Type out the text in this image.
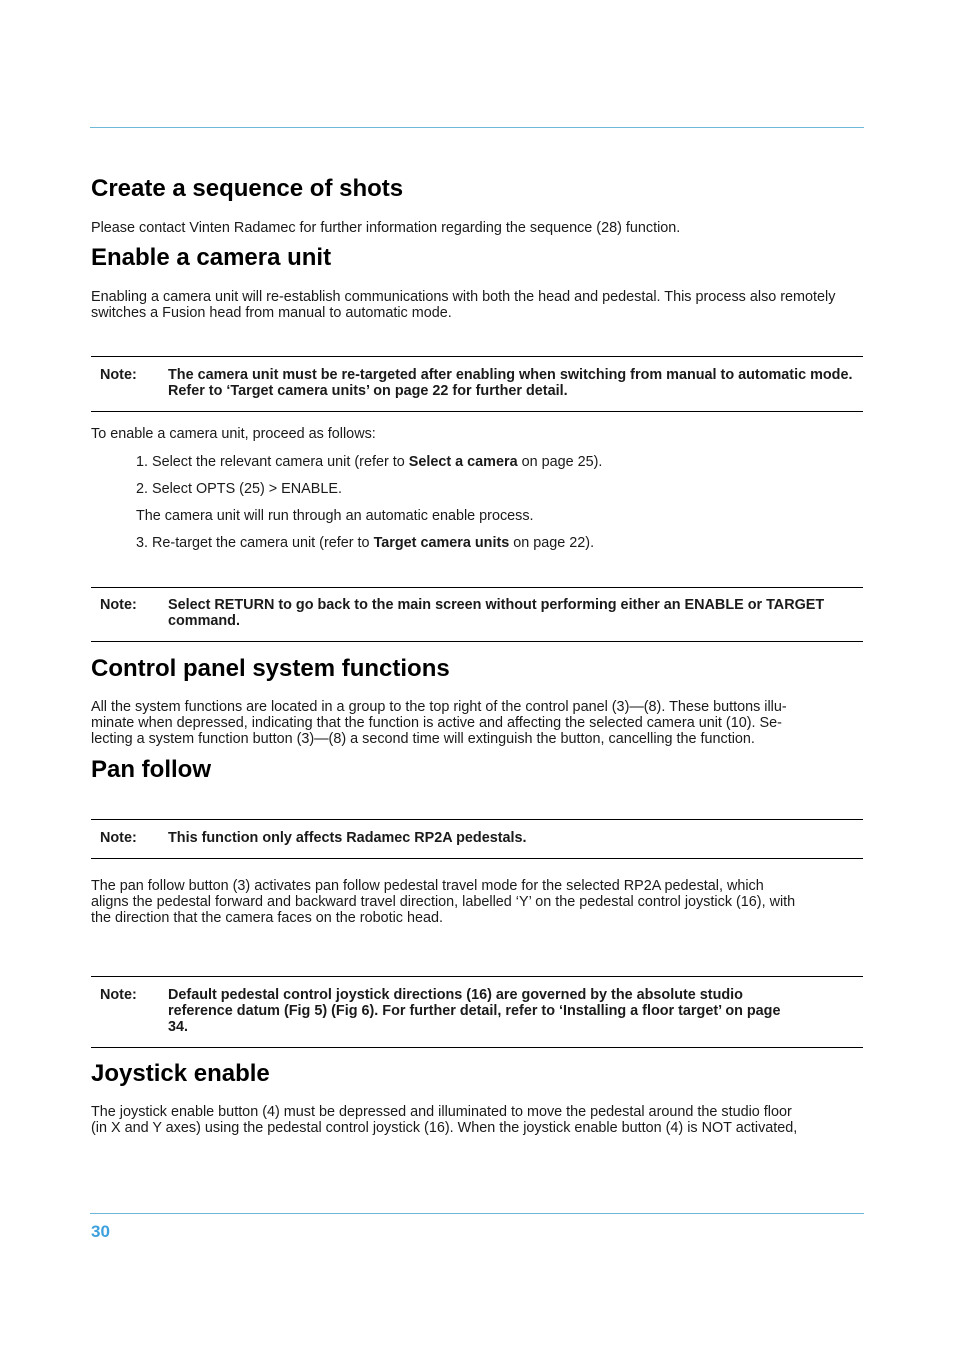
Create a sequence of shots

Please contact Vinten Radamec for further information regarding the sequence (28) function.

Enable a camera unit

Enabling a camera unit will re-establish communications with both the head and pedestal. This process also remotely switches a Fusion head from manual to automatic mode.

Note: The camera unit must be re-targeted after enabling when switching from manual to automatic mode. Refer to ‘Target camera units’ on page 22 for further detail.

To enable a camera unit, proceed as follows:

1. Select the relevant camera unit (refer to Select a camera on page 25).

2. Select OPTS (25) > ENABLE.

The camera unit will run through an automatic enable process.

3. Re-target the camera unit (refer to Target camera units on page 22).

Note: Select RETURN to go back to the main screen without performing either an ENABLE or TARGET command.
Control panel system functions
All the system functions are located in a group to the top right of the control panel (3)—(8). These buttons illu-
minate when depressed, indicating that the function is active and affecting the selected camera unit (10). Se-
lecting a system function button (3)—(8) a second time will extinguish the button, cancelling the function.
Pan follow
Note: This function only affects Radamec RP2A pedestals.
The pan follow button (3) activates pan follow pedestal travel mode for the selected RP2A pedestal, which
aligns the pedestal forward and backward travel direction, labelled ‘Y’ on the pedestal control joystick (16), with
the direction that the camera faces on the robotic head.
Note: Default pedestal control joystick directions (16) are governed by the absolute studio
reference datum (Fig 5) (Fig 6). For further detail, refer to ‘Installing a floor target’ on page
34.
Joystick enable
The joystick enable button (4) must be depressed and illuminated to move the pedestal around the studio floor
(in X and Y axes) using the pedestal control joystick (16). When the joystick enable button (4) is NOT activated,
30
